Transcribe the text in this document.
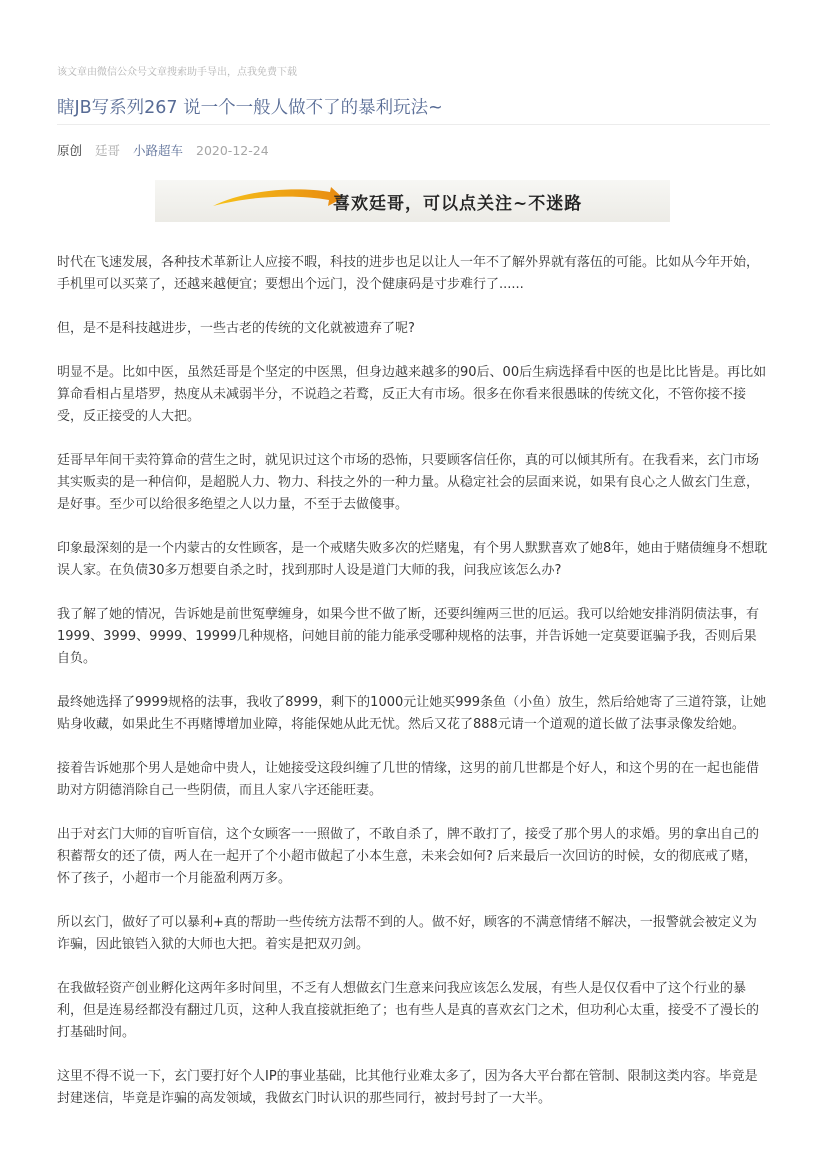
该文章由微信公众号文章搜索助手导出，点我免费下载
瞎JB写系列267 说一个一般人做不了的暴利玩法~
原创 廷哥 小路超车 2020-12-24
喜欢廷哥，可以点关注~不迷路

时代在飞速发展，各种技术革新让人应接不暇，科技的进步也足以让人一年不了解外界就有落伍的可能。比如从今年开始，手机里可以买菜了，还越来越便宜；要想出个远门，没个健康码是寸步难行了......

但，是不是科技越进步，一些古老的传统的文化就被遗弃了呢?

明显不是。比如中医，虽然廷哥是个坚定的中医黑，但身边越来越多的90后、00后生病选择看中医的也是比比皆是。再比如算命看相占星塔罗，热度从未减弱半分，不说趋之若鹜，反正大有市场。很多在你看来很愚昧的传统文化，不管你接不接受，反正接受的人大把。

廷哥早年间干卖符算命的营生之时，就见识过这个市场的恐怖，只要顾客信任你，真的可以倾其所有。在我看来，玄门市场其实贩卖的是一种信仰，是超脱人力、物力、科技之外的一种力量。从稳定社会的层面来说，如果有良心之人做玄门生意，是好事。至少可以给很多绝望之人以力量，不至于去做傻事。

印象最深刻的是一个内蒙古的女性顾客，是一个戒赌失败多次的烂赌鬼，有个男人默默喜欢了她8年，她由于赌债缠身不想耽误人家。在负债30多万想要自杀之时，找到那时人设是道门大师的我，问我应该怎么办?

我了解了她的情况，告诉她是前世冤孽缠身，如果今世不做了断，还要纠缠两三世的厄运。我可以给她安排消阴债法事，有1999、3999、9999、19999几种规格，问她目前的能力能承受哪种规格的法事，并告诉她一定莫要诓骗予我，否则后果自负。

最终她选择了9999规格的法事，我收了8999，剩下的1000元让她买999条鱼（小鱼）放生，然后给她寄了三道符箓，让她贴身收藏，如果此生不再赌博增加业障，将能保她从此无忧。然后又花了888元请一个道观的道长做了法事录像发给她。

接着告诉她那个男人是她命中贵人，让她接受这段纠缠了几世的情缘，这男的前几世都是个好人，和这个男的在一起也能借助对方阴德消除自己一些阴债，而且人家八字还能旺妻。

出于对玄门大师的盲听盲信，这个女顾客一一照做了，不敢自杀了，牌不敢打了，接受了那个男人的求婚。男的拿出自己的积蓄帮女的还了债，两人在一起开了个小超市做起了小本生意，未来会如何? 后来最后一次回访的时候，女的彻底戒了赌，怀了孩子，小超市一个月能盈利两万多。

所以玄门，做好了可以暴利+真的帮助一些传统方法帮不到的人。做不好，顾客的不满意情绪不解决，一报警就会被定义为诈骗，因此锒铛入狱的大师也大把。着实是把双刃剑。

在我做轻资产创业孵化这两年多时间里，不乏有人想做玄门生意来问我应该怎么发展，有些人是仅仅看中了这个行业的暴利，但是连易经都没有翻过几页，这种人我直接就拒绝了；也有些人是真的喜欢玄门之术，但功利心太重，接受不了漫长的打基础时间。

这里不得不说一下，玄门要打好个人IP的事业基础，比其他行业难太多了，因为各大平台都在管制、限制这类内容。毕竟是封建迷信，毕竟是诈骗的高发领域，我做玄门时认识的那些同行，被封号封了一大半。
